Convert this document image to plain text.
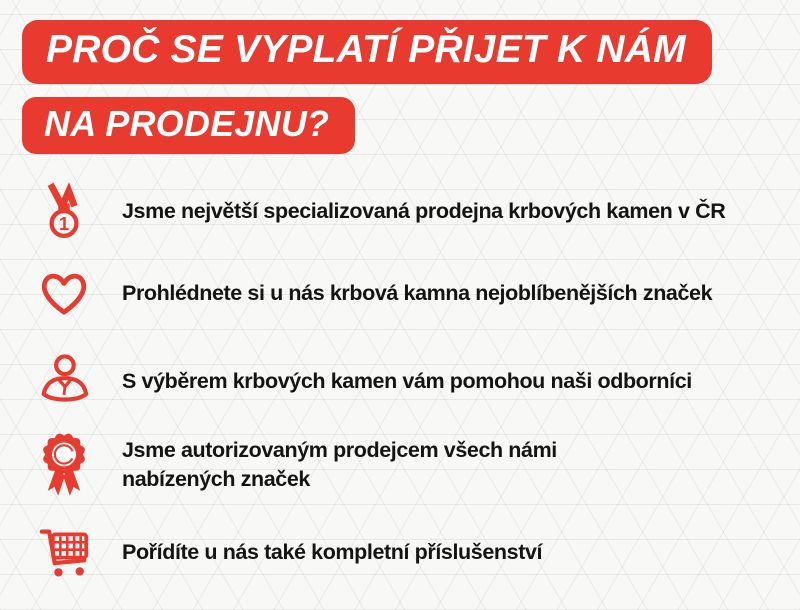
PROČ SE VYPLATÍ PŘIJET K NÁM
NA PRODEJNU?
1
Jsme největší specializovaná prodejna krbových kamen v ČR
Prohlédnete si u nás krbová kamna nejoblíbenějších značek
S výběrem krbových kamen vám pomohou naši odborníci
Jsme autorizovaným prodejcem všech námi nabízených značek
Pořídíte u nás také kompletní příslušenství
